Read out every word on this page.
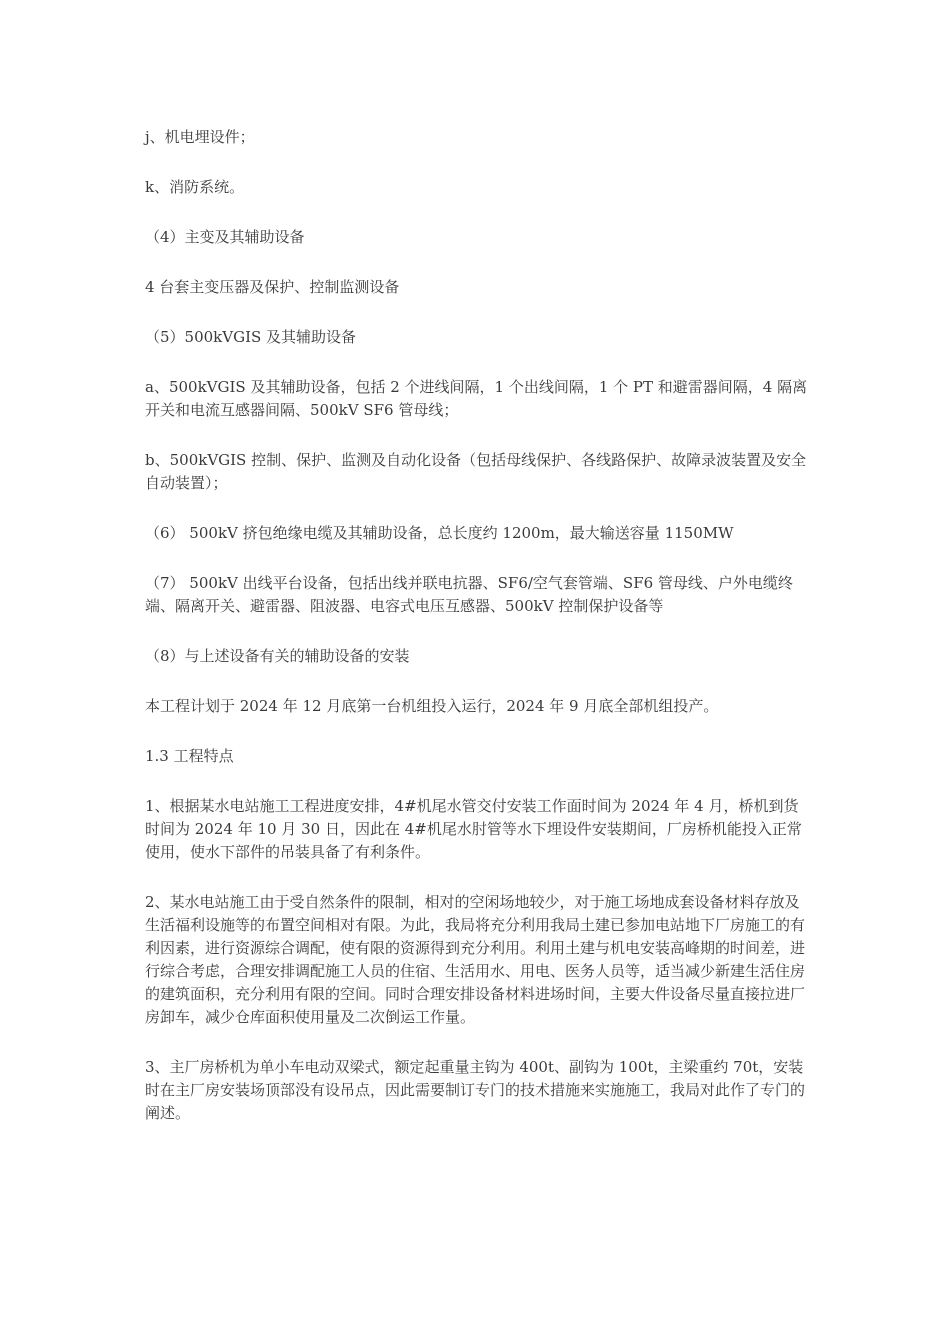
j、机电埋设件；

k、消防系统。

（4）主变及其辅助设备

4 台套主变压器及保护、控制监测设备

（5）500kVGIS 及其辅助设备

a、500kVGIS 及其辅助设备，包括 2 个进线间隔，1 个出线间隔，1 个 PT 和避雷器间隔，4 隔离开关和电流互感器间隔、500kV SF6 管母线；

b、500kVGIS 控制、保护、监测及自动化设备（包括母线保护、各线路保护、故障录波装置及安全自动装置）；

（6） 500kV 挤包绝缘电缆及其辅助设备，总长度约 1200m，最大输送容量 1150MW

（7） 500kV 出线平台设备，包括出线并联电抗器、SF6/空气套管端、SF6 管母线、户外电缆终端、隔离开关、避雷器、阻波器、电容式电压互感器、500kV 控制保护设备等

（8）与上述设备有关的辅助设备的安装

本工程计划于 2024 年 12 月底第一台机组投入运行，2024 年 9 月底全部机组投产。

1.3 工程特点

1、根据某水电站施工工程进度安排，4#机尾水管交付安装工作面时间为 2024 年 4 月，桥机到货时间为 2024 年 10 月 30 日，因此在 4#机尾水肘管等水下埋设件安装期间，厂房桥机能投入正常使用，使水下部件的吊装具备了有利条件。

2、某水电站施工由于受自然条件的限制，相对的空闲场地较少，对于施工场地成套设备材料存放及生活福利设施等的布置空间相对有限。为此，我局将充分利用我局土建已参加电站地下厂房施工的有利因素，进行资源综合调配，使有限的资源得到充分利用。利用土建与机电安装高峰期的时间差，进行综合考虑，合理安排调配施工人员的住宿、生活用水、用电、医务人员等，适当减少新建生活住房的建筑面积，充分利用有限的空间。同时合理安排设备材料进场时间，主要大件设备尽量直接拉进厂房卸车，减少仓库面积使用量及二次倒运工作量。

3、主厂房桥机为单小车电动双梁式，额定起重量主钩为 400t、副钩为 100t，主梁重约 70t，安装时在主厂房安装场顶部没有设吊点，因此需要制订专门的技术措施来实施施工，我局对此作了专门的阐述。
